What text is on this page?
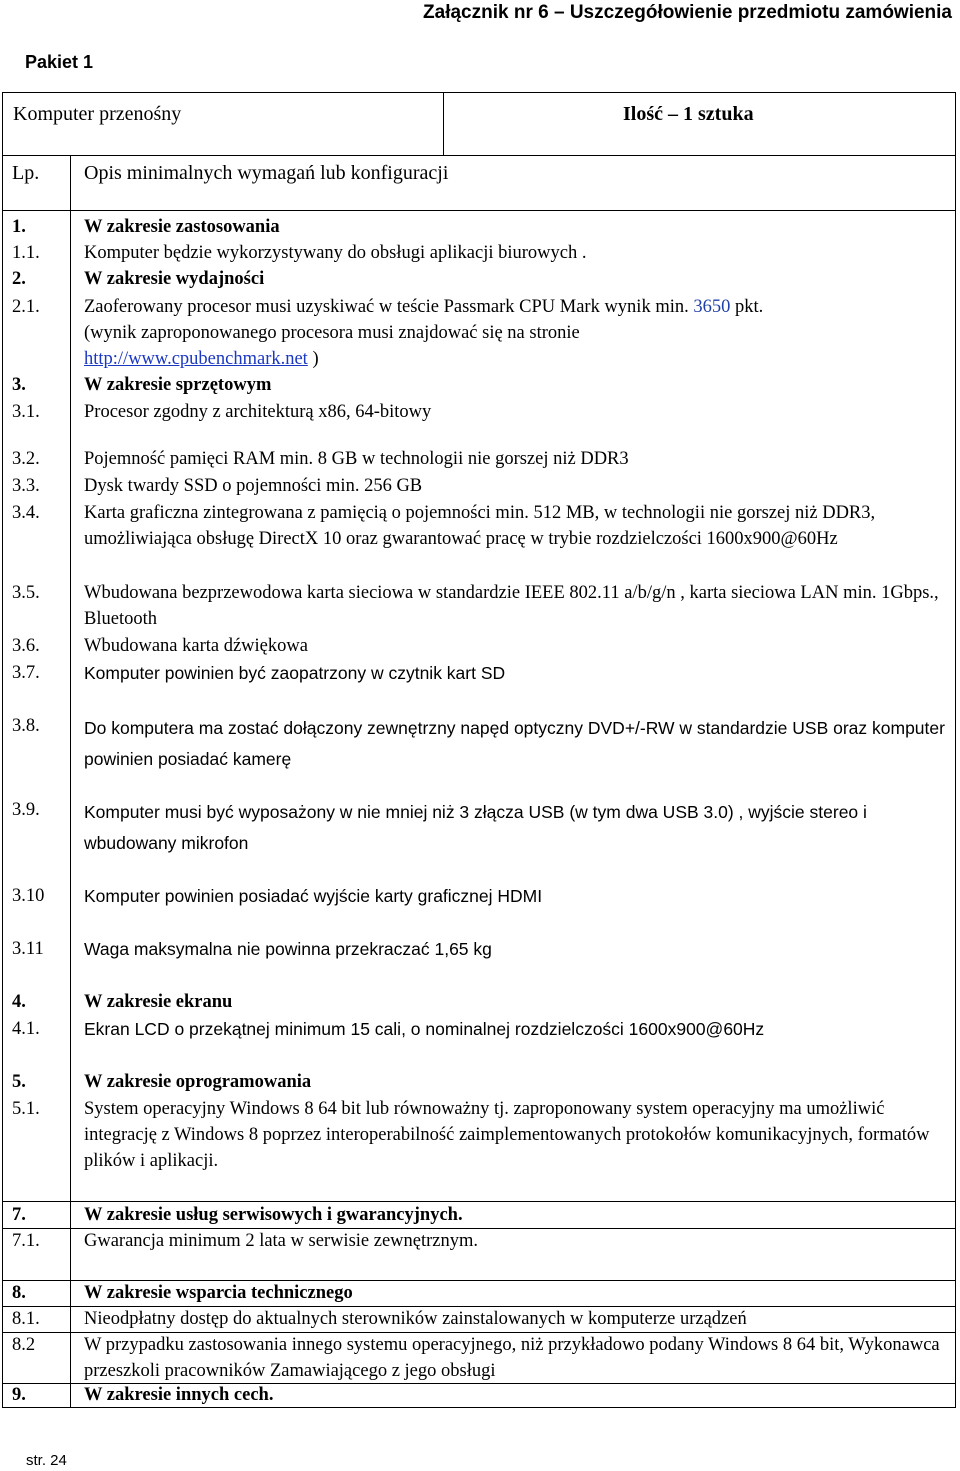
Załącznik nr 6 – Uszczegółowienie przedmiotu zamówienia
Pakiet 1
Komputer przenośny	Ilość – 1 sztuka
Lp.	Opis minimalnych wymagań lub konfiguracji
1.	W zakresie zastosowania
1.1.	Komputer będzie wykorzystywany do obsługi aplikacji biurowych .
2.	W zakresie wydajności
2.1.	Zaoferowany procesor musi uzyskiwać w teście Passmark CPU Mark wynik min. 3650 pkt.
(wynik zaproponowanego procesora musi znajdować się na stronie
http://www.cpubenchmark.net )
3.	W zakresie sprzętowym
3.1.	Procesor zgodny z architekturą x86, 64-bitowy
3.2.	Pojemność pamięci RAM min. 8 GB w technologii nie gorszej niż DDR3
3.3.	Dysk twardy SSD o pojemności min. 256 GB
3.4.	Karta graficzna zintegrowana z pamięcią o pojemności min. 512 MB, w technologii nie gorszej niż DDR3, umożliwiająca obsługę DirectX 10 oraz gwarantować pracę w trybie rozdzielczości 1600x900@60Hz
3.5.	Wbudowana bezprzewodowa karta sieciowa w standardzie IEEE 802.11 a/b/g/n , karta sieciowa LAN min. 1Gbps., Bluetooth
3.6.	Wbudowana karta dźwiękowa
3.7.	Komputer powinien być zaopatrzony w czytnik kart SD
3.8.	Do komputera ma zostać dołączony zewnętrzny napęd optyczny DVD+/-RW w standardzie USB oraz komputer powinien posiadać kamerę
3.9.	Komputer musi być wyposażony w nie mniej niż 3 złącza USB (w tym dwa USB 3.0) , wyjście stereo i wbudowany mikrofon
3.10	Komputer powinien posiadać wyjście karty graficznej HDMI
3.11	Waga maksymalna nie powinna przekraczać 1,65 kg
4.	W zakresie ekranu
4.1.	Ekran LCD o przekątnej minimum 15 cali, o nominalnej rozdzielczości 1600x900@60Hz
5.	W zakresie oprogramowania
5.1.	System operacyjny Windows 8 64 bit lub równoważny tj. zaproponowany system operacyjny ma umożliwić integrację z Windows 8 poprzez interoperabilność zaimplementowanych protokołów komunikacyjnych, formatów plików i aplikacji.
7.	W zakresie usług serwisowych i gwarancyjnych.
7.1.	Gwarancja minimum 2 lata w serwisie zewnętrznym.
8.	W zakresie wsparcia technicznego
8.1.	Nieodpłatny dostęp do aktualnych sterowników zainstalowanych w komputerze urządzeń
8.2	W przypadku zastosowania innego systemu operacyjnego, niż przykładowo podany Windows 8 64 bit, Wykonawca przeszkoli pracowników Zamawiającego z jego obsługi
9.	W zakresie innych cech.
str. 24
